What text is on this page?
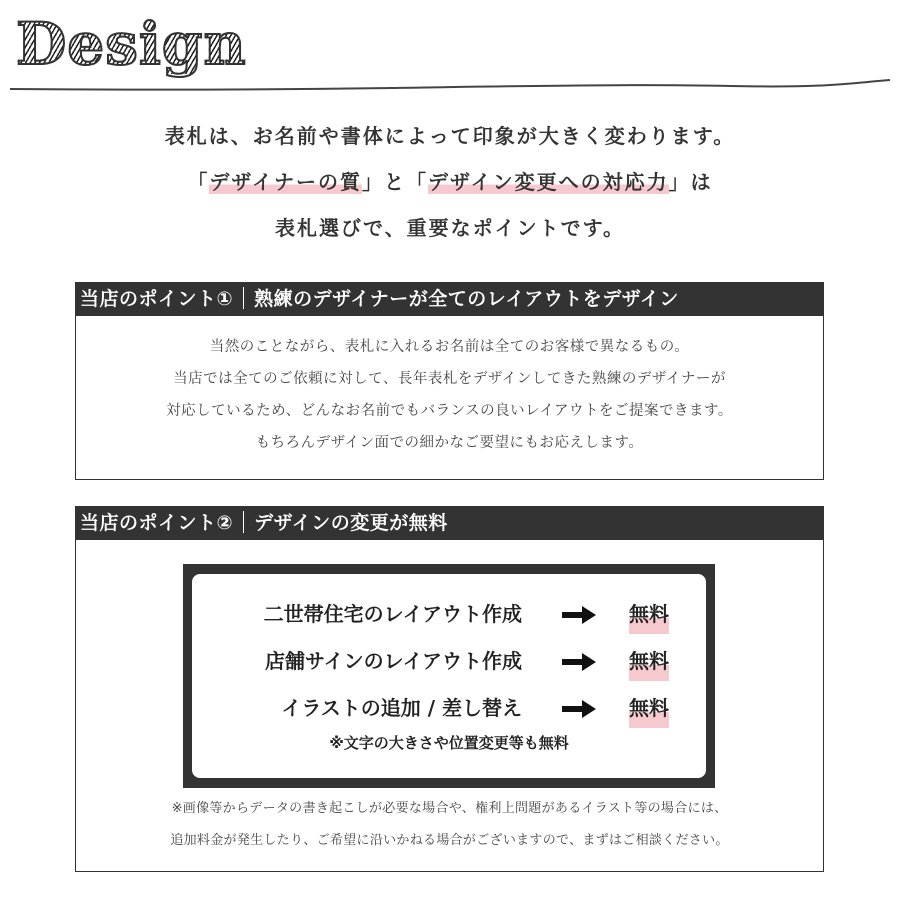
Design

表札は、お名前や書体によって印象が大きく変わります。

「デザイナーの質」と「デザイン変更への対応力」は

表札選びで、重要なポイントです。

当店のポイント① 熟練のデザイナーが全てのレイアウトをデザイン

当然のことながら、表札に入れるお名前は全てのお客様で異なるもの。

当店では全てのご依頼に対して、長年表札をデザインしてきた熟練のデザイナーが

対応しているため、どんなお名前でもバランスの良いレイアウトをご提案できます。

もちろんデザイン面での細かなご要望にもお応えします。

当店のポイント② デザインの変更が無料
二世帯住宅のレイアウト作成	無料
店舗サインのレイアウト作成	無料
イラストの追加 / 差し替え	無料
※文字の大きさや位置変更等も無料

※画像等からデータの書き起こしが必要な場合や、権利上問題があるイラスト等の場合には、

追加料金が発生したり、ご希望に沿いかねる場合がございますので、まずはご相談ください。
